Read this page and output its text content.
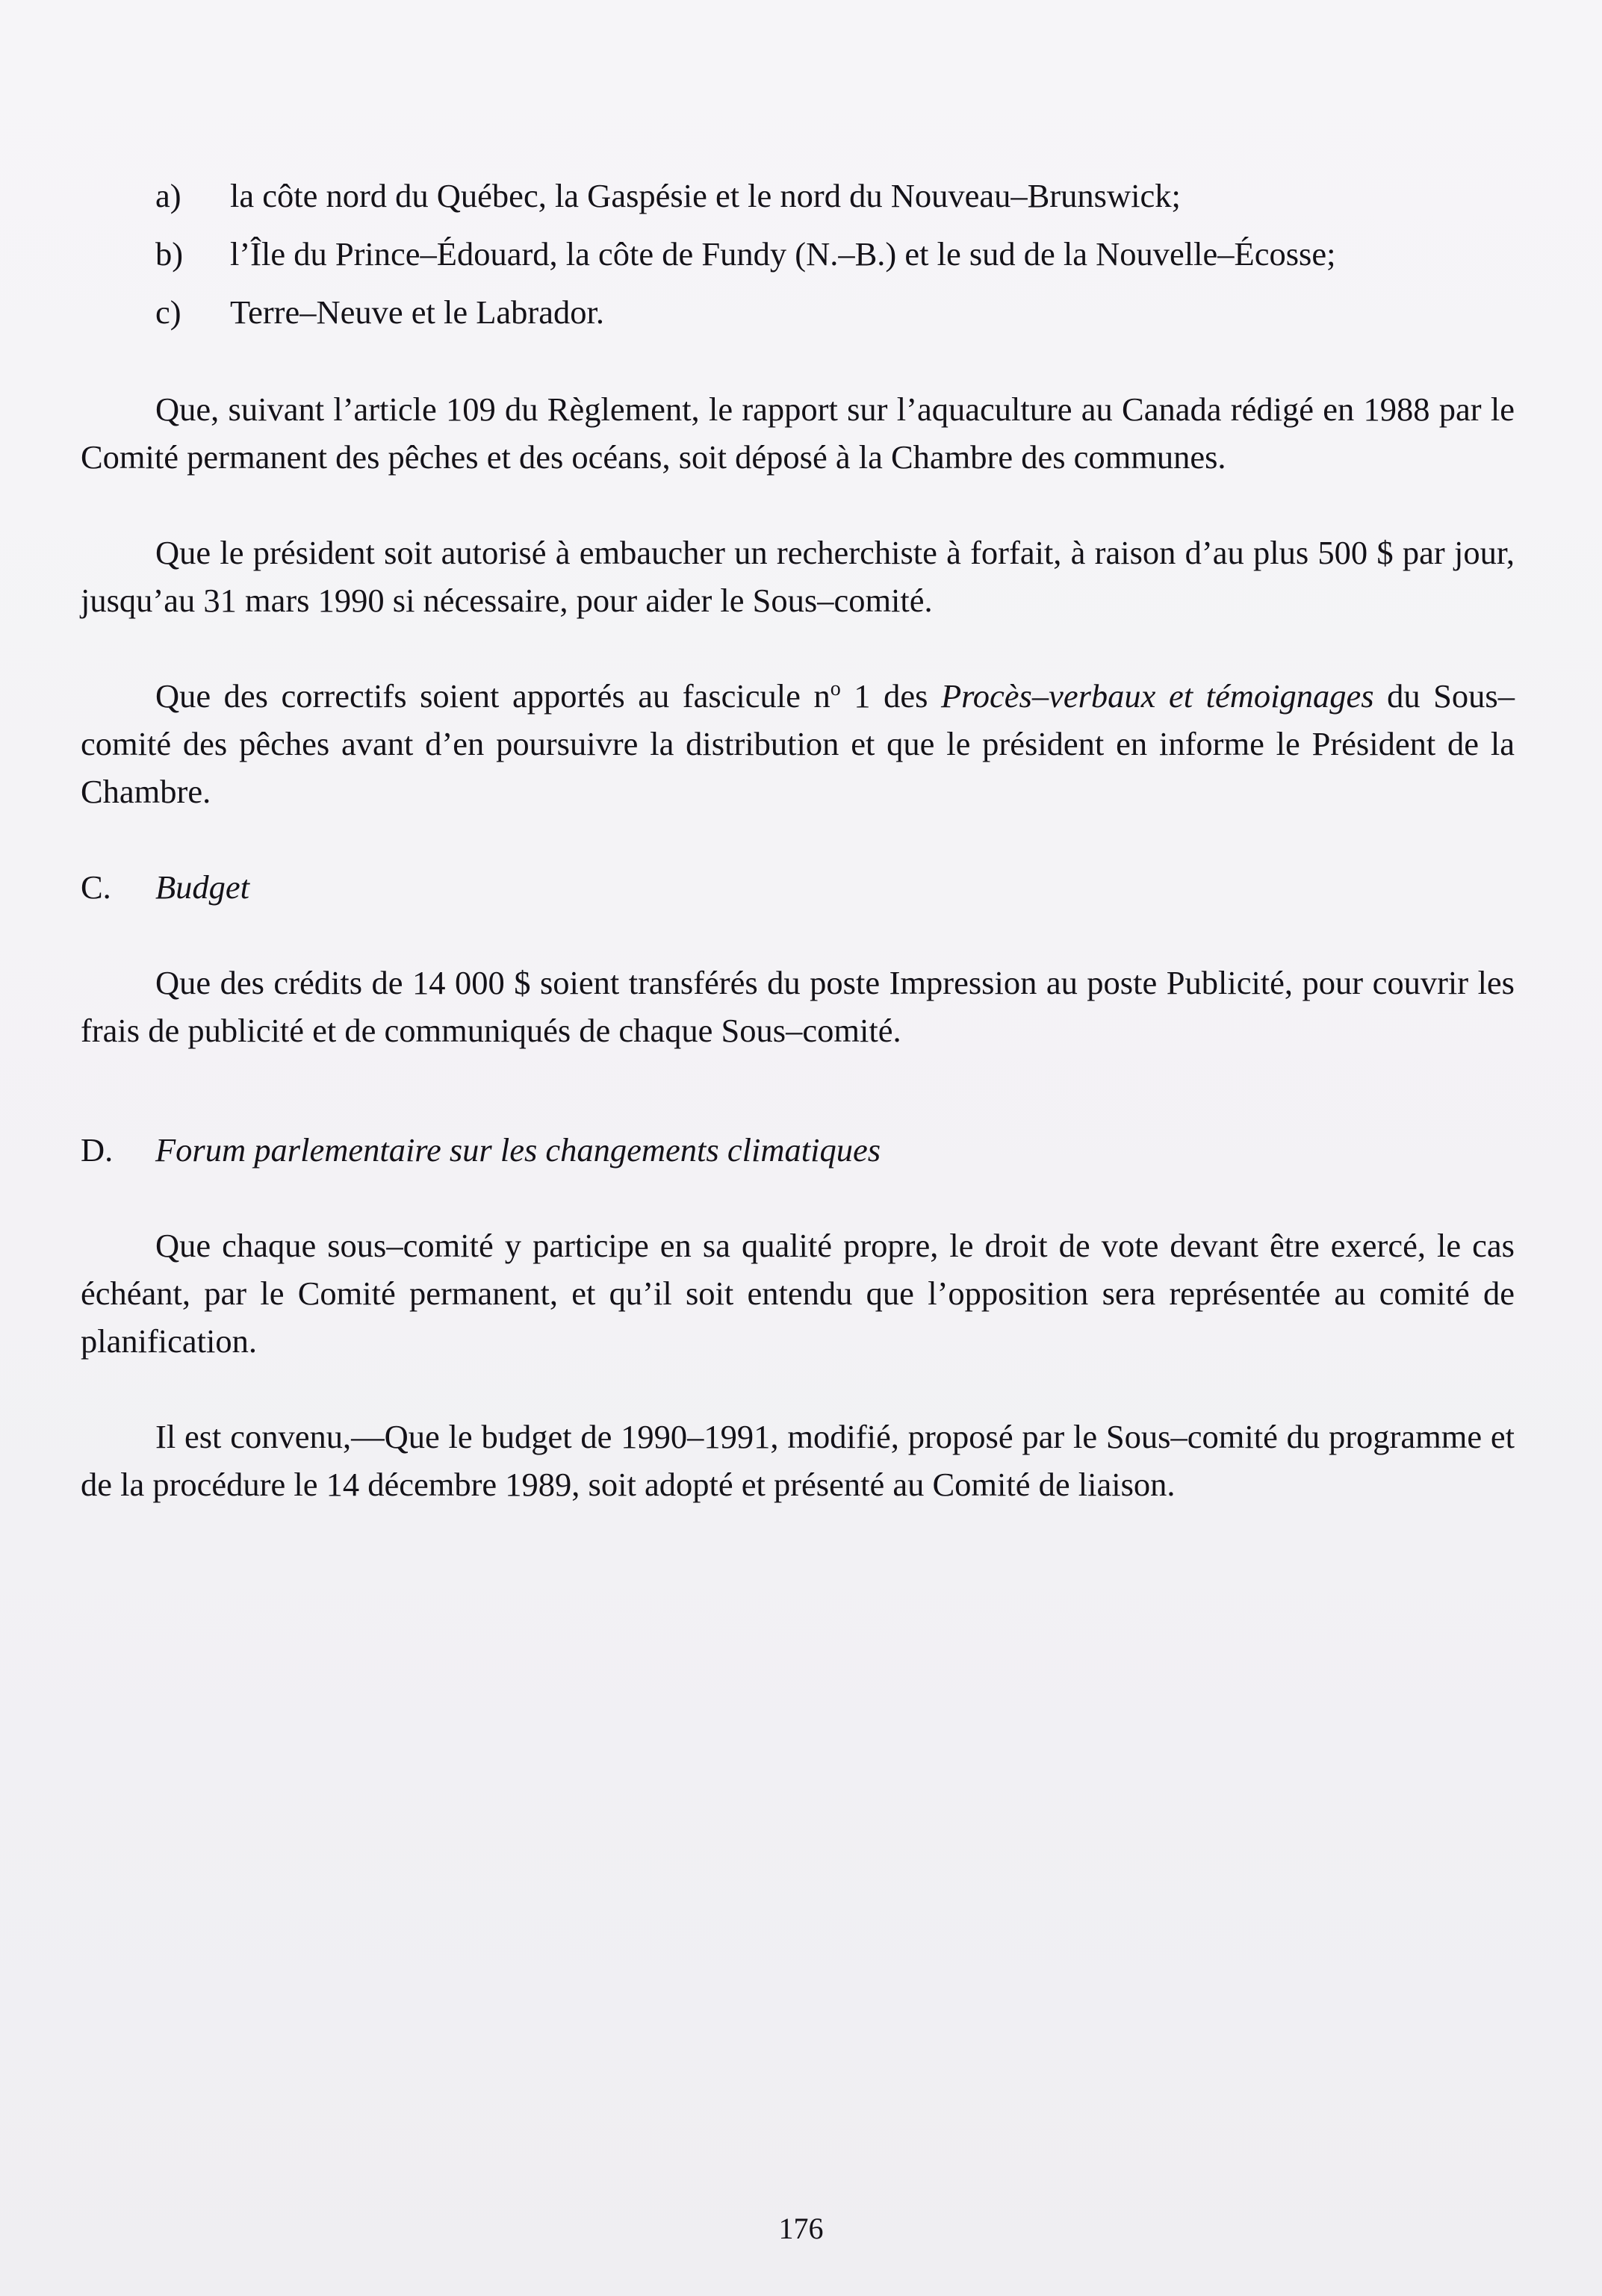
a) la côte nord du Québec, la Gaspésie et le nord du Nouveau–Brunswick;
b) l’Île du Prince–Édouard, la côte de Fundy (N.–B.) et le sud de la Nouvelle–Écosse;
c) Terre–Neuve et le Labrador.

Que, suivant l’article 109 du Règlement, le rapport sur l’aquaculture au Canada rédigé en 1988 par le Comité permanent des pêches et des océans, soit déposé à la Chambre des communes.

Que le président soit autorisé à embaucher un recherchiste à forfait, à raison d’au plus 500 $ par jour, jusqu’au 31 mars 1990 si nécessaire, pour aider le Sous–comité.

Que des correctifs soient apportés au fascicule $n^o$ 1 des Procès–verbaux et témoignages du Sous–comité des pêches avant d’en poursuivre la distribution et que le président en informe le Président de la Chambre.

C. Budget

Que des crédits de 14 000 $ soient transférés du poste Impression au poste Publicité, pour couvrir les frais de publicité et de communiqués de chaque Sous–comité.

D. Forum parlementaire sur les changements climatiques

Que chaque sous–comité y participe en sa qualité propre, le droit de vote devant être exercé, le cas échéant, par le Comité permanent, et qu’il soit entendu que l’opposition sera représentée au comité de planification.

Il est convenu,—Que le budget de 1990–1991, modifié, proposé par le Sous–comité du programme et de la procédure le 14 décembre 1989, soit adopté et présenté au Comité de liaison.

176
